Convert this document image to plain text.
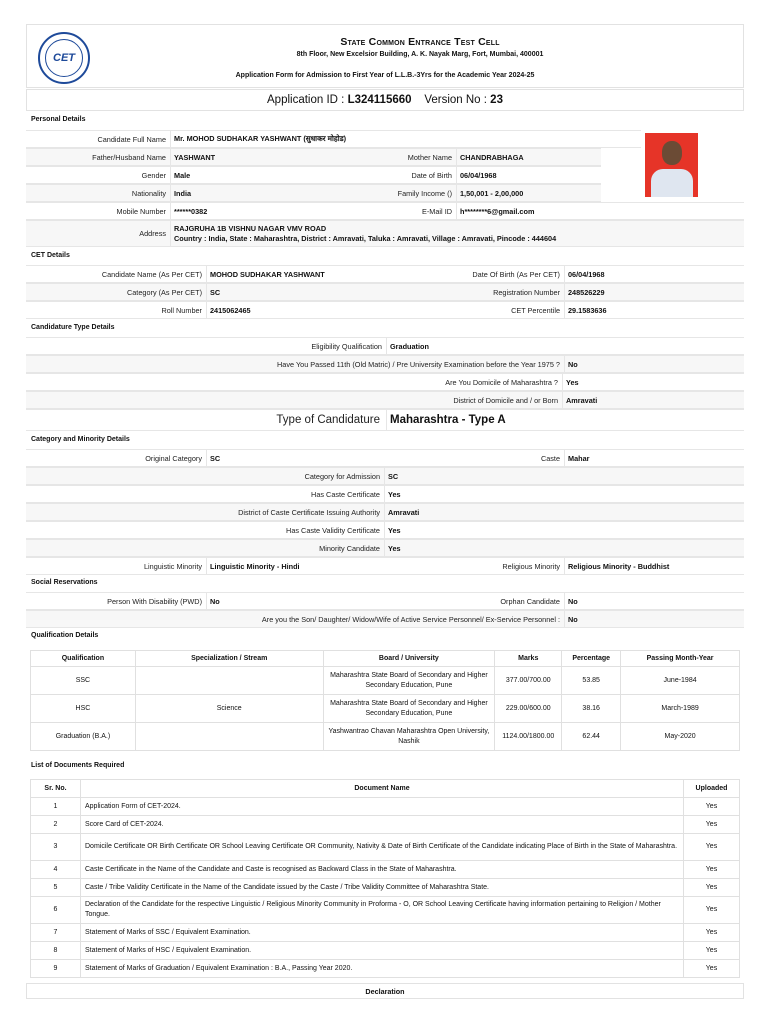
CET
State Common Entrance Test Cell
8th Floor, New Excelsior Building, A. K. Nayak Marg, Fort, Mumbai, 400001
Application Form for Admission to First Year of L.L.B.-3Yrs for the Academic Year 2024-25
Application ID :
L324115660
Version No :
23
Personal Details
Candidate Full Name	Mr. MOHOD SUDHAKAR YASHWANT (सुधाकर मोहोड)
Father/Husband Name	YASHWANT	Mother Name	CHANDRABHAGA
Gender	Male	Date of Birth	06/04/1968
Nationality	India	Family Income ()	1,50,001 - 2,00,000
Mobile Number	******0382	E-Mail ID	h********6@gmail.com
Address
RAJGRUHA 1B VISHNU NAGAR VMV ROAD
Country : India, State : Maharashtra, District : Amravati, Taluka : Amravati, Village : Amravati, Pincode : 444604
CET Details
Candidate Name (As Per CET)	MOHOD SUDHAKAR YASHWANT	Date Of Birth (As Per CET)	06/04/1968
Category (As Per CET)	SC	Registration Number	248526229
Roll Number	2415062465	CET Percentile	29.1583636
Candidature Type Details
Eligibility Qualification	Graduation
Have You Passed 11th (Old Matric) / Pre University Examination before the Year 1975 ?	No
Are You Domicile of Maharashtra ?	Yes
District of Domicile and / or Born	Amravati
Type of Candidature Maharashtra - Type A
Category and Minority Details
Original Category	SC	Caste	Mahar
Category for Admission	SC
Has Caste Certificate	Yes
District of Caste Certificate Issuing Authority	Amravati
Has Caste Validity Certificate	Yes
Minority Candidate	Yes
Linguistic Minority	Linguistic Minority - Hindi	Religious Minority	Religious Minority - Buddhist
Social Reservations
Person With Disability (PWD)	No	Orphan Candidate	No
Are you the Son/ Daughter/ Widow/Wife of Active Service Personnel/ Ex-Service Personnel :	No
Qualification Details
Qualification	Specialization / Stream	Board / University	Marks	Percentage	Passing Month-Year
SSC		Maharashtra State Board of Secondary and Higher Secondary Education, Pune	377.00/700.00	53.85	June-1984
HSC	Science	Maharashtra State Board of Secondary and Higher Secondary Education, Pune	229.00/600.00	38.16	March-1989
Graduation (B.A.)		Yashwantrao Chavan Maharashtra Open University, Nashik	1124.00/1800.00	62.44	May-2020
List of Documents Required
Sr. No.	Document Name	Uploaded
1	Application Form of CET-2024.	Yes
2	Score Card of CET-2024.	Yes
3	Domicile Certificate OR Birth Certificate OR School Leaving Certificate OR Community, Nativity & Date of Birth Certificate of the Candidate indicating Place of Birth in the State of Maharashtra.	Yes
4	Caste Certificate in the Name of the Candidate and Caste is recognised as Backward Class in the State of Maharashtra.	Yes
5	Caste / Tribe Validity Certificate in the Name of the Candidate issued by the Caste / Tribe Validity Committee of Maharashtra State.	Yes
6	Declaration of the Candidate for the respective Linguistic / Religious Minority Community in Proforma - O, OR School Leaving Certificate having information pertaining to Religion / Mother Tongue.	Yes
7	Statement of Marks of SSC / Equivalent Examination.	Yes
8	Statement of Marks of HSC / Equivalent Examination.	Yes
9	Statement of Marks of Graduation / Equivalent Examination : B.A., Passing Year 2020.	Yes
Declaration
